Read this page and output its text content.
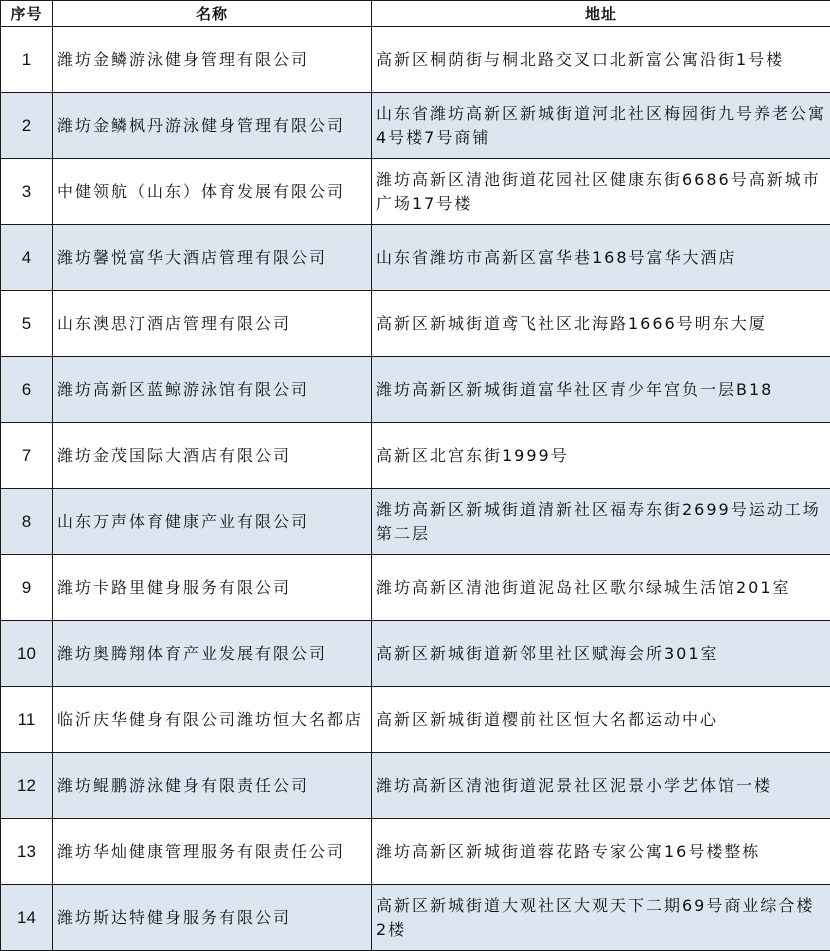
序号	名称	地址
1	潍坊金鳞游泳健身管理有限公司	高新区桐荫街与桐北路交叉口北新富公寓沿街1号楼
2	潍坊金鳞枫丹游泳健身管理有限公司	山东省潍坊高新区新城街道河北社区梅园街九号养老公寓4号楼7号商铺
3	中健领航（山东）体育发展有限公司	潍坊高新区清池街道花园社区健康东街6686号高新城市广场17号楼
4	潍坊馨悦富华大酒店管理有限公司	山东省潍坊市高新区富华巷168号富华大酒店
5	山东澳思汀酒店管理有限公司	高新区新城街道鸢飞社区北海路1666号明东大厦
6	潍坊高新区蓝鲸游泳馆有限公司	潍坊高新区新城街道富华社区青少年宫负一层B18
7	潍坊金茂国际大酒店有限公司	高新区北宫东街1999号
8	山东万声体育健康产业有限公司	潍坊高新区新城街道清新社区福寿东街2699号运动工场第二层
9	潍坊卡路里健身服务有限公司	潍坊高新区清池街道泥岛社区歌尔绿城生活馆201室
10	潍坊奥腾翔体育产业发展有限公司	高新区新城街道新邻里社区赋海会所301室
11	临沂庆华健身有限公司潍坊恒大名都店	高新区新城街道樱前社区恒大名都运动中心
12	潍坊鲲鹏游泳健身有限责任公司	潍坊高新区清池街道泥景社区泥景小学艺体馆一楼
13	潍坊华灿健康管理服务有限责任公司	潍坊高新区新城街道蓉花路专家公寓16号楼整栋
14	潍坊斯达特健身服务有限公司	高新区新城街道大观社区大观天下二期69号商业综合楼2楼
